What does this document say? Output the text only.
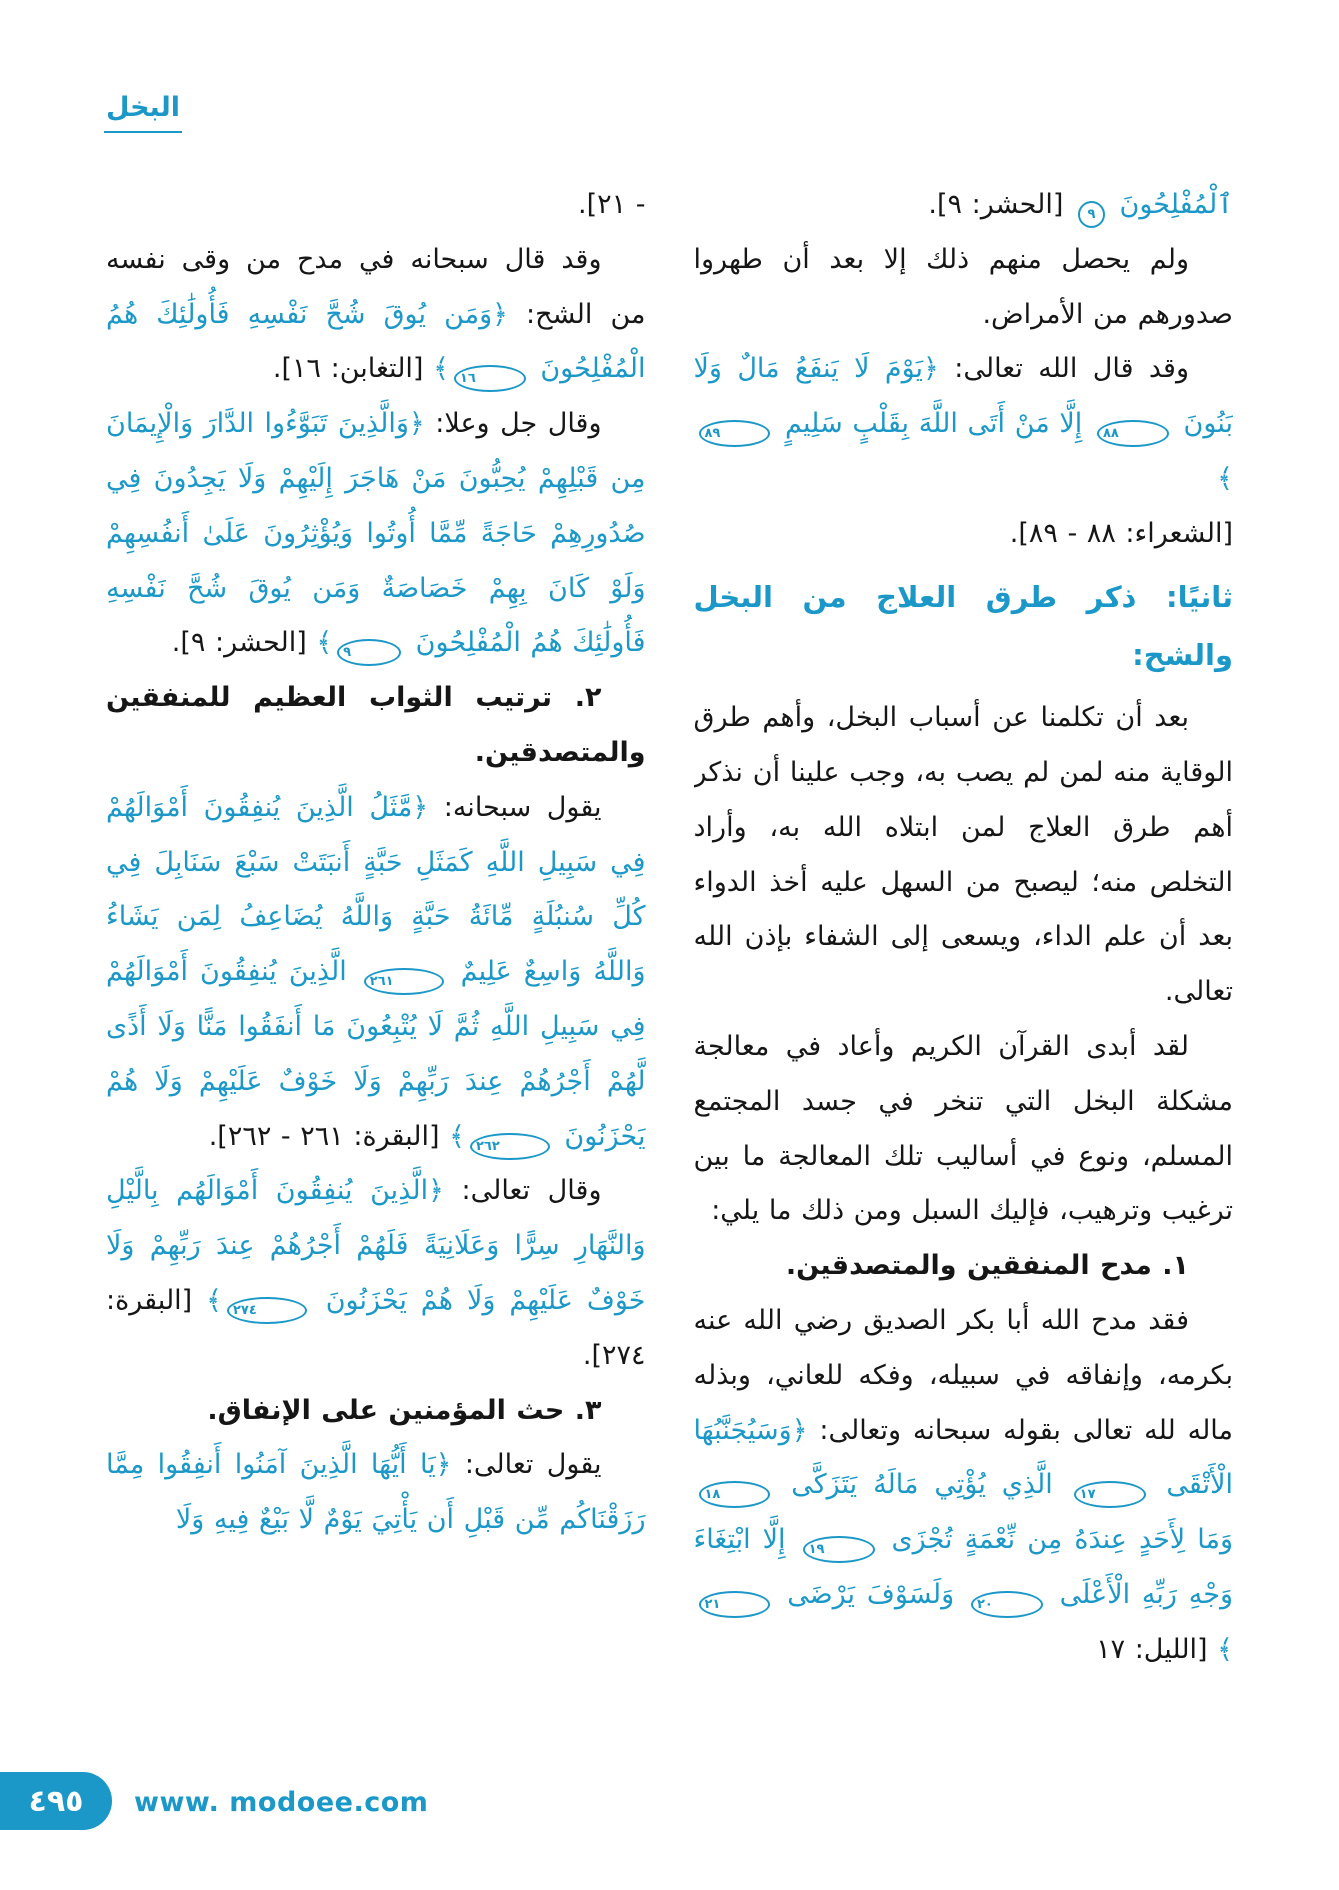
البخل

ٱلْمُفْلِحُونَ ٩ [الحشر: ٩].

ولم يحصل منهم ذلك إلا بعد أن طهروا صدورهم من الأمراض.

وقد قال الله تعالى: ﴿يَوْمَ لَا يَنفَعُ مَالٌ وَلَا بَنُونَ ٨٨ إِلَّا مَنْ أَتَى اللَّهَ بِقَلْبٍ سَلِيمٍ ٨٩﴾

[الشعراء: ٨٨ - ٨٩].

ثانيًا: ذكر طرق العلاج من البخل والشح:

بعد أن تكلمنا عن أسباب البخل، وأهم طرق الوقاية منه لمن لم يصب به، وجب علينا أن نذكر أهم طرق العلاج لمن ابتلاه الله به، وأراد التخلص منه؛ ليصبح من السهل عليه أخذ الدواء بعد أن علم الداء، ويسعى إلى الشفاء بإذن الله تعالى.

لقد أبدى القرآن الكريم وأعاد في معالجة مشكلة البخل التي تنخر في جسد المجتمع المسلم، ونوع في أساليب تلك المعالجة ما بين ترغيب وترهيب، فإليك السبل ومن ذلك ما يلي:

١. مدح المنفقين والمتصدقين.

فقد مدح الله أبا بكر الصديق رضي الله عنه بكرمه، وإنفاقه في سبيله، وفكه للعاني، وبذله ماله لله تعالى بقوله سبحانه وتعالى: ﴿وَسَيُجَنَّبُهَا الْأَتْقَى ١٧ الَّذِي يُؤْتِي مَالَهُ يَتَزَكَّى ١٨ وَمَا لِأَحَدٍ عِندَهُ مِن نِّعْمَةٍ تُجْزَى ١٩ إِلَّا ابْتِغَاءَ وَجْهِ رَبِّهِ الْأَعْلَى ٢٠ وَلَسَوْفَ يَرْضَى ٢١﴾ [الليل: ١٧

- ٢١].

وقد قال سبحانه في مدح من وقى نفسه من الشح: ﴿وَمَن يُوقَ شُحَّ نَفْسِهِ فَأُولَٰئِكَ هُمُ الْمُفْلِحُونَ ١٦﴾ [التغابن: ١٦].

وقال جل وعلا: ﴿وَالَّذِينَ تَبَوَّءُوا الدَّارَ وَالْإِيمَانَ مِن قَبْلِهِمْ يُحِبُّونَ مَنْ هَاجَرَ إِلَيْهِمْ وَلَا يَجِدُونَ فِي صُدُورِهِمْ حَاجَةً مِّمَّا أُوتُوا وَيُؤْثِرُونَ عَلَىٰ أَنفُسِهِمْ وَلَوْ كَانَ بِهِمْ خَصَاصَةٌ وَمَن يُوقَ شُحَّ نَفْسِهِ فَأُولَٰئِكَ هُمُ الْمُفْلِحُونَ ٩﴾ [الحشر: ٩].

٢. ترتيب الثواب العظيم للمنفقين والمتصدقين.

يقول سبحانه: ﴿مَّثَلُ الَّذِينَ يُنفِقُونَ أَمْوَالَهُمْ فِي سَبِيلِ اللَّهِ كَمَثَلِ حَبَّةٍ أَنبَتَتْ سَبْعَ سَنَابِلَ فِي كُلِّ سُنبُلَةٍ مِّائَةُ حَبَّةٍ وَاللَّهُ يُضَاعِفُ لِمَن يَشَاءُ وَاللَّهُ وَاسِعٌ عَلِيمٌ ٢٦١ الَّذِينَ يُنفِقُونَ أَمْوَالَهُمْ فِي سَبِيلِ اللَّهِ ثُمَّ لَا يُتْبِعُونَ مَا أَنفَقُوا مَنًّا وَلَا أَذًى لَّهُمْ أَجْرُهُمْ عِندَ رَبِّهِمْ وَلَا خَوْفٌ عَلَيْهِمْ وَلَا هُمْ يَحْزَنُونَ ٢٦٢﴾ [البقرة: ٢٦١ - ٢٦٢].

وقال تعالى: ﴿الَّذِينَ يُنفِقُونَ أَمْوَالَهُم بِالَّيْلِ وَالنَّهَارِ سِرًّا وَعَلَانِيَةً فَلَهُمْ أَجْرُهُمْ عِندَ رَبِّهِمْ وَلَا خَوْفٌ عَلَيْهِمْ وَلَا هُمْ يَحْزَنُونَ ٢٧٤﴾ [البقرة: ٢٧٤].

٣. حث المؤمنين على الإنفاق.

يقول تعالى: ﴿يَا أَيُّهَا الَّذِينَ آمَنُوا أَنفِقُوا مِمَّا رَزَقْنَاكُم مِّن قَبْلِ أَن يَأْتِيَ يَوْمٌ لَّا بَيْعٌ فِيهِ وَلَا

٤٩٥ www. modoee.com
